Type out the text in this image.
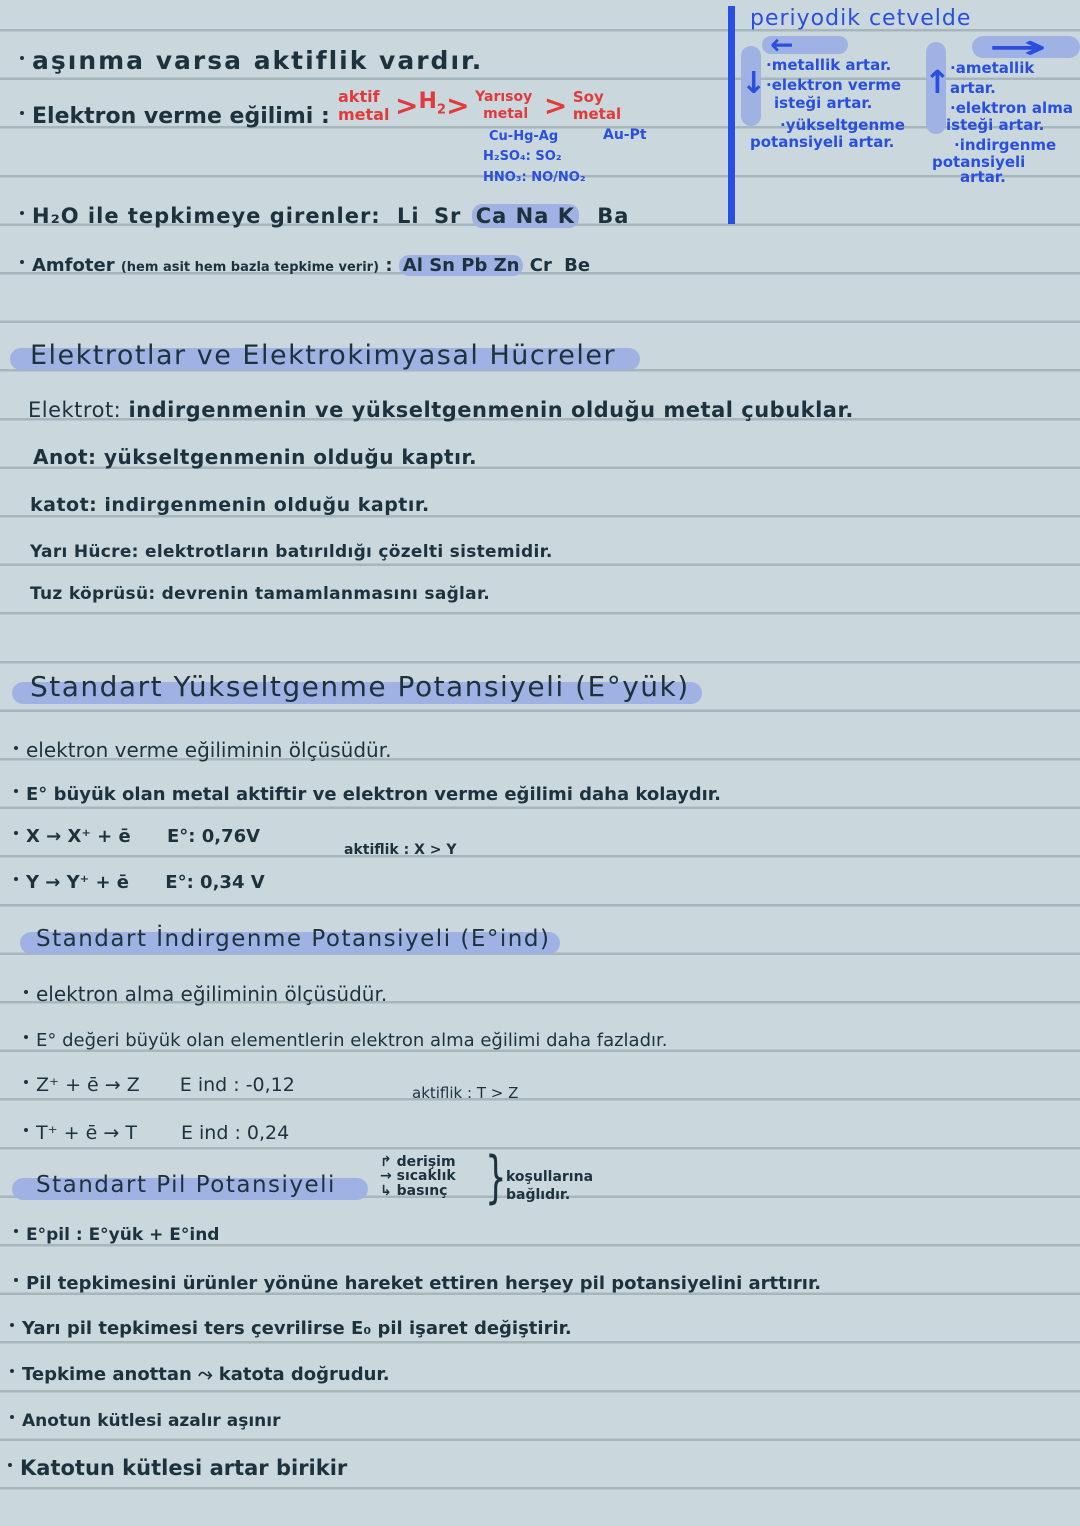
aşınma varsa aktiflik vardır.
Elektron verme eğilimi :
aktif
metal $>H_2>$ Yarısoy
metal > Soy
metal
Cu-Hg-Ag	Au-Pt
H₂SO₄: SO₂
HNO₃: NO/NO₂
H₂O ile tepkimeye girenler: Li Sr Ca Na K Ba
Amfoter (hem asit hem bazla tepkime verir) : Al Sn Pb Zn Cr Be
periyodik cetvelde
←
↓
·metallik artar.
·elektron verme
isteği artar.
·yükseltgenme
potansiyeli artar.
↑
→
·ametallik
artar.
·elektron alma
isteği artar.
·indirgenme
potansiyeli
artar.
Elektrotlar ve Elektrokimyasal Hücreler
Elektrot: indirgenmenin ve yükseltgenmenin olduğu metal çubuklar.
Anot: yükseltgenmenin olduğu kaptır.
katot: indirgenmenin olduğu kaptır.
Yarı Hücre: elektrotların batırıldığı çözelti sistemidir.
Tuz köprüsü: devrenin tamamlanmasını sağlar.
Standart Yükseltgenme Potansiyeli (E°yük)
elektron verme eğiliminin ölçüsüdür.
E° büyük olan metal aktiftir ve elektron verme eğilimi daha kolaydır.
X → X⁺ + ē E°: 0,76V
aktiflik : X > Y
Y → Y⁺ + ē E°: 0,34 V
Standart İndirgenme Potansiyeli (E°ind)
elektron alma eğiliminin ölçüsüdür.
E° değeri büyük olan elementlerin elektron alma eğilimi daha fazladır.
Z⁺ + ē → Z E ind : -0,12	aktiflik : T > Z
T⁺ + ē → T E ind : 0,24
Standart Pil Potansiyeli
↱ derişim
→ sıcaklık
↳ basınç } koşullarına
bağlıdır.
E°pil : E°yük + E°ind
Pil tepkimesini ürünler yönüne hareket ettiren herşey pil potansiyelini arttırır.
Yarı pil tepkimesi ters çevrilirse E₀ pil işaret değiştirir.
Tepkime anottan ⤳ katota doğrudur.
Anotun kütlesi azalır aşınır
Katotun kütlesi artar birikir
